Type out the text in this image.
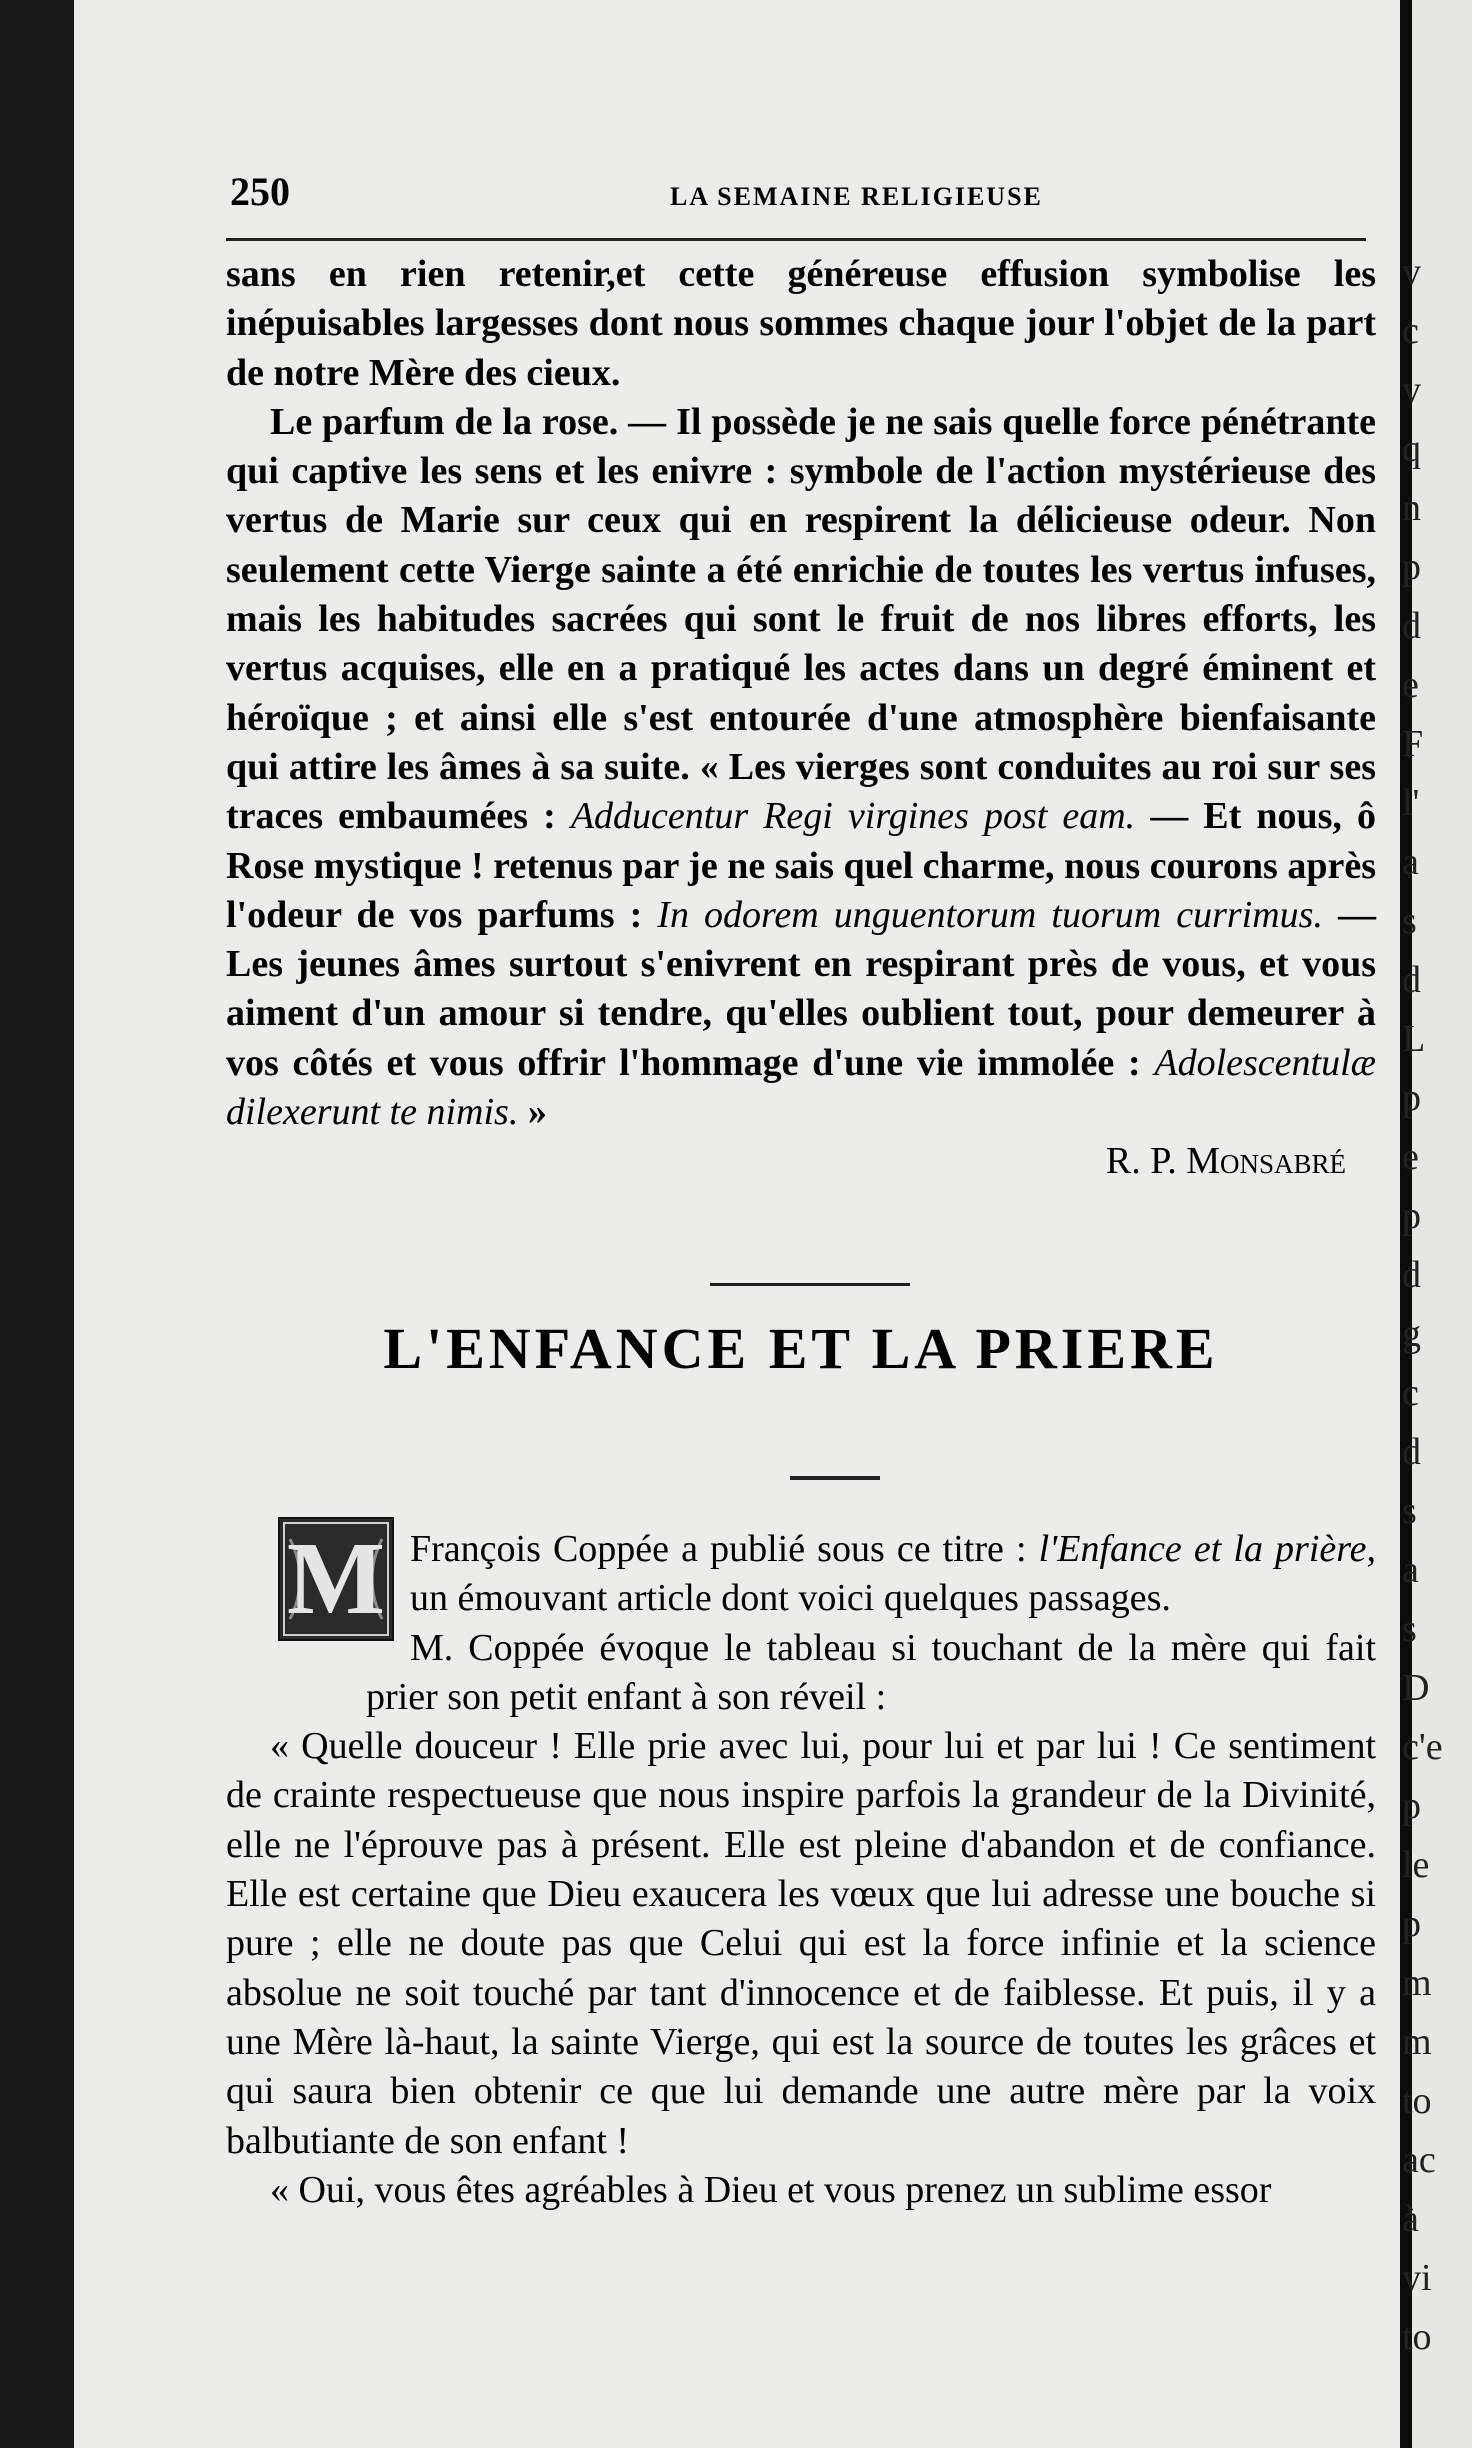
250	LA SEMAINE RELIGIEUSE

sans en rien retenir,et cette généreuse effusion symbolise les inépuisables largesses dont nous sommes chaque jour l'objet de la part de notre Mère des cieux.

Le parfum de la rose. — Il possède je ne sais quelle force pénétrante qui captive les sens et les enivre : symbole de l'action mystérieuse des vertus de Marie sur ceux qui en respirent la délicieuse odeur. Non seulement cette Vierge sainte a été enrichie de toutes les vertus infuses, mais les habitudes sacrées qui sont le fruit de nos libres efforts, les vertus acquises, elle en a pratiqué les actes dans un degré éminent et héroïque ; et ainsi elle s'est entourée d'une atmosphère bienfaisante qui attire les âmes à sa suite. « Les vierges sont conduites au roi sur ses traces embaumées : Adducentur Regi virgines post eam. — Et nous, ô Rose mystique ! retenus par je ne sais quel charme, nous courons après l'odeur de vos parfums : In odorem unguentorum tuorum currimus. — Les jeunes âmes surtout s'enivrent en respirant près de vous, et vous aiment d'un amour si tendre, qu'elles oublient tout, pour demeurer à vos côtés et vous offrir l'hommage d'une vie immolée : Adolescentulæ dilexerunt te nimis. »

R. P. Monsabré

L'ENFANCE ET LA PRIERE
M François Coppée a publié sous ce titre : l'Enfance et la prière, un émouvant article dont voici quelques passages.

M. Coppée évoque le tableau si touchant de la mère qui fait prier son petit enfant à son réveil :

« Quelle douceur ! Elle prie avec lui, pour lui et par lui ! Ce sentiment de crainte respectueuse que nous inspire parfois la grandeur de la Divinité, elle ne l'éprouve pas à présent. Elle est pleine d'abandon et de confiance. Elle est certaine que Dieu exaucera les vœux que lui adresse une bouche si pure ; elle ne doute pas que Celui qui est la force infinie et la science absolue ne soit touché par tant d'innocence et de faiblesse. Et puis, il y a une Mère là-haut, la sainte Vierge, qui est la source de toutes les grâces et qui saura bien obtenir ce que lui demande une autre mère par la voix balbutiante de son enfant !

« Oui, vous êtes agréables à Dieu et vous prenez un sublime essor

v
c
v
q
n
p
d
e
F
l'
a
s
d
L
p
e
p
d
g
c
d
s
a
s
D
c'e
p
le
p
m
m
to
ac
à
vi
to
